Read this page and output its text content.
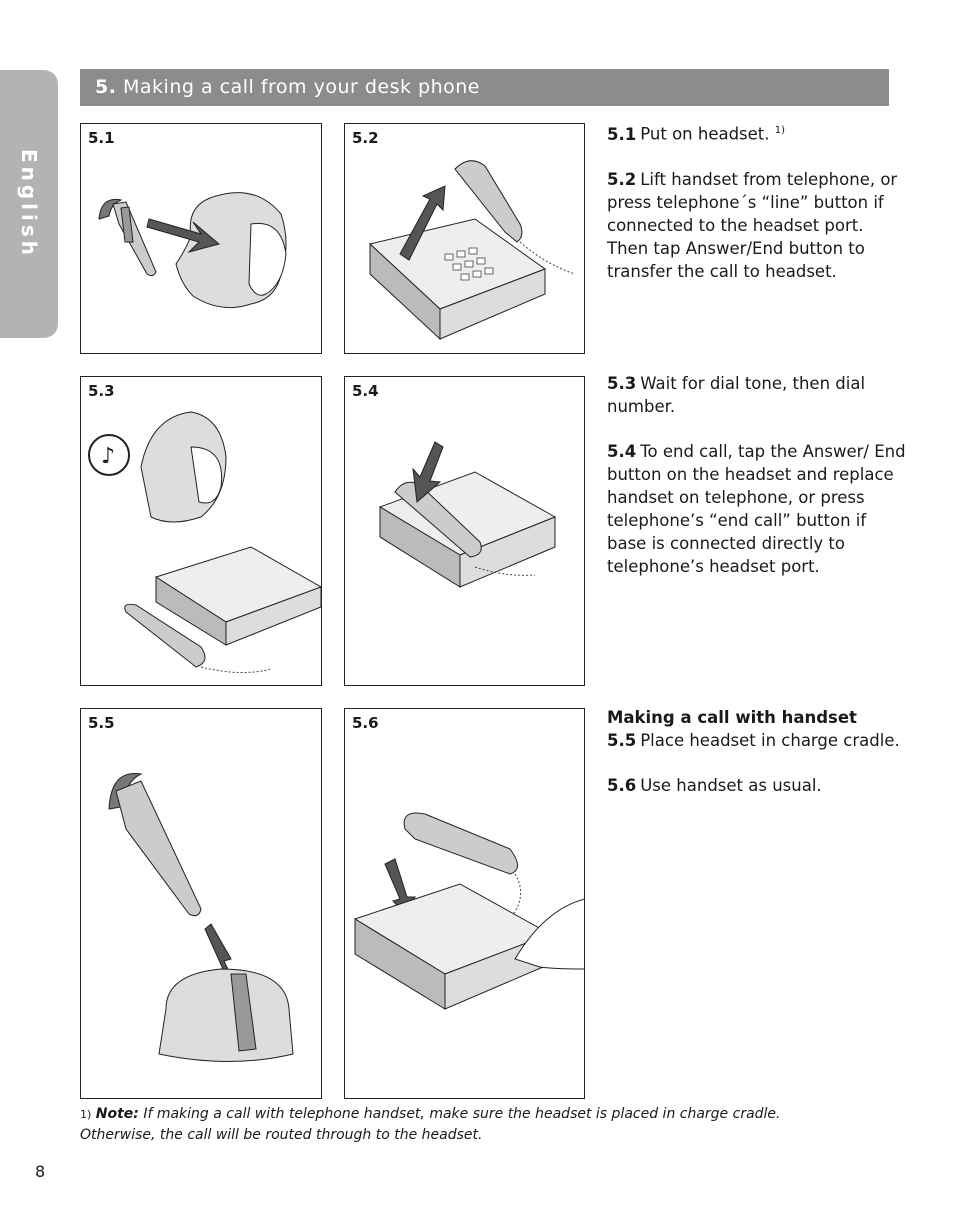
English
5. Making a call from your desk phone
5.1	5.2
5.3
♪
5.4
5.5	5.6

5.1 Put on headset. $^{1)}$

5.2 Lift handset from telephone, or press telephone´s “line” button if connected to the headset port. Then tap Answer/End button to transfer the call to headset.

5.3 Wait for dial tone, then dial number.

5.4 To end call, tap the Answer/ End button on the headset and replace handset on telephone, or press telephone’s “end call” button if base is connected directly to telephone’s headset port.

Making a call with handset
5.5 Place headset in charge cradle.

5.6 Use handset as usual.

1) Note: If making a call with telephone handset, make sure the headset is placed in charge cradle.
Otherwise, the call will be routed through to the headset.
8
